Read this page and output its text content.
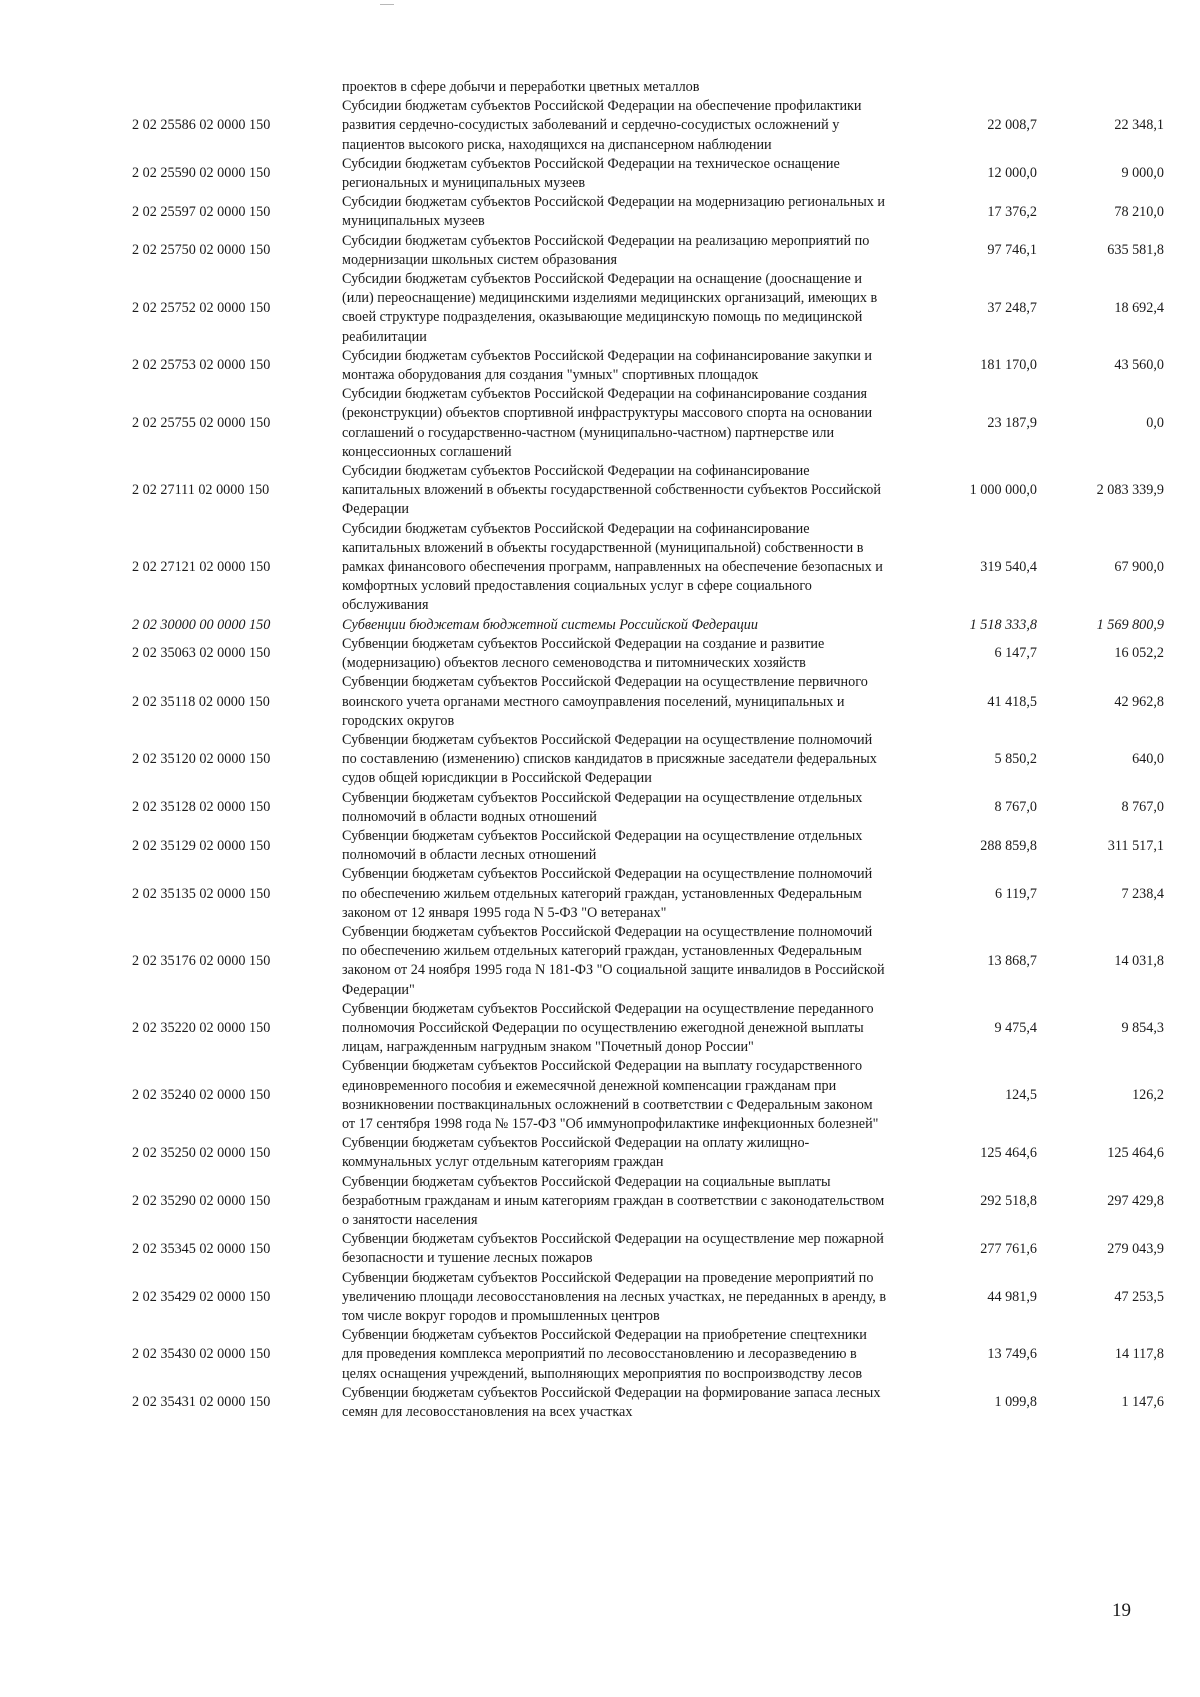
	проектов в сфере добычи и переработки цветных металлов		
2 02 25586 02 0000 150	Субсидии бюджетам субъектов Российской Федерации на обеспечение профилактики развития сердечно-сосудистых заболеваний и сердечно-сосудистых осложнений у пациентов высокого риска, находящихся на диспансерном наблюдении	22 008,7	22 348,1
2 02 25590 02 0000 150	Субсидии бюджетам субъектов Российской Федерации на техническое оснащение региональных и муниципальных музеев	12 000,0	9 000,0
2 02 25597 02 0000 150	Субсидии бюджетам субъектов Российской Федерации на модернизацию региональных и муниципальных музеев	17 376,2	78 210,0
2 02 25750 02 0000 150	Субсидии бюджетам субъектов Российской Федерации на реализацию мероприятий по модернизации школьных систем образования	97 746,1	635 581,8
2 02 25752 02 0000 150	Субсидии бюджетам субъектов Российской Федерации на оснащение (дооснащение и (или) переоснащение) медицинскими изделиями медицинских организаций, имеющих в своей структуре подразделения, оказывающие медицинскую помощь по медицинской реабилитации	37 248,7	18 692,4
2 02 25753 02 0000 150	Субсидии бюджетам субъектов Российской Федерации на софинансирование закупки и монтажа оборудования для создания "умных" спортивных площадок	181 170,0	43 560,0
2 02 25755 02 0000 150	Субсидии бюджетам субъектов Российской Федерации на софинансирование создания (реконструкции) объектов спортивной инфраструктуры массового спорта на основании соглашений о государственно-частном (муниципально-частном) партнерстве или концессионных соглашений	23 187,9	0,0
2 02 27111 02 0000 150	Субсидии бюджетам субъектов Российской Федерации на софинансирование капитальных вложений в объекты государственной собственности субъектов Российской Федерации	1 000 000,0	2 083 339,9
2 02 27121 02 0000 150	Субсидии бюджетам субъектов Российской Федерации на софинансирование капитальных вложений в объекты государственной (муниципальной) собственности в рамках финансового обеспечения программ, направленных на обеспечение безопасных и комфортных условий предоставления социальных услуг в сфере социального обслуживания	319 540,4	67 900,0
2 02 30000 00 0000 150	Субвенции бюджетам бюджетной системы Российской Федерации	1 518 333,8	1 569 800,9
2 02 35063 02 0000 150	Субвенции бюджетам субъектов Российской Федерации на создание и развитие (модернизацию) объектов лесного семеноводства и питомнических хозяйств	6 147,7	16 052,2
2 02 35118 02 0000 150	Субвенции бюджетам субъектов Российской Федерации на осуществление первичного воинского учета органами местного самоуправления поселений, муниципальных и городских округов	41 418,5	42 962,8
2 02 35120 02 0000 150	Субвенции бюджетам субъектов Российской Федерации на осуществление полномочий по составлению (изменению) списков кандидатов в присяжные заседатели федеральных судов общей юрисдикции в Российской Федерации	5 850,2	640,0
2 02 35128 02 0000 150	Субвенции бюджетам субъектов Российской Федерации на осуществление отдельных полномочий в области водных отношений	8 767,0	8 767,0
2 02 35129 02 0000 150	Субвенции бюджетам субъектов Российской Федерации на осуществление отдельных полномочий в области лесных отношений	288 859,8	311 517,1
2 02 35135 02 0000 150	Субвенции бюджетам субъектов Российской Федерации на осуществление полномочий по обеспечению жильем отдельных категорий граждан, установленных Федеральным законом от 12 января 1995 года N 5-ФЗ "О ветеранах"	6 119,7	7 238,4
2 02 35176 02 0000 150	Субвенции бюджетам субъектов Российской Федерации на осуществление полномочий по обеспечению жильем отдельных категорий граждан, установленных Федеральным законом от 24 ноября 1995 года N 181-ФЗ "О социальной защите инвалидов в Российской Федерации"	13 868,7	14 031,8
2 02 35220 02 0000 150	Субвенции бюджетам субъектов Российской Федерации на осуществление переданного полномочия Российской Федерации по осуществлению ежегодной денежной выплаты лицам, награжденным нагрудным знаком "Почетный донор России"	9 475,4	9 854,3
2 02 35240 02 0000 150	Субвенции бюджетам субъектов Российской Федерации на выплату государственного единовременного пособия и ежемесячной денежной компенсации гражданам при возникновении поствакцинальных осложнений в соответствии с Федеральным законом от 17 сентября 1998 года № 157-ФЗ "Об иммунопрофилактике инфекционных болезней"	124,5	126,2
2 02 35250 02 0000 150	Субвенции бюджетам субъектов Российской Федерации на оплату жилищно-коммунальных услуг отдельным категориям граждан	125 464,6	125 464,6
2 02 35290 02 0000 150	Субвенции бюджетам субъектов Российской Федерации на социальные выплаты безработным гражданам и иным категориям граждан в соответствии с законодательством о занятости населения	292 518,8	297 429,8
2 02 35345 02 0000 150	Субвенции бюджетам субъектов Российской Федерации на осуществление мер пожарной безопасности и тушение лесных пожаров	277 761,6	279 043,9
2 02 35429 02 0000 150	Субвенции бюджетам субъектов Российской Федерации на проведение мероприятий по увеличению площади лесовосстановления на лесных участках, не переданных в аренду, в том числе вокруг городов и промышленных центров	44 981,9	47 253,5
2 02 35430 02 0000 150	Субвенции бюджетам субъектов Российской Федерации на приобретение спецтехники для проведения комплекса мероприятий по лесовосстановлению и лесоразведению в целях оснащения учреждений, выполняющих мероприятия по воспроизводству лесов	13 749,6	14 117,8
2 02 35431 02 0000 150	Субвенции бюджетам субъектов Российской Федерации на формирование запаса лесных семян для лесовосстановления на всех участках	1 099,8	1 147,6
19
